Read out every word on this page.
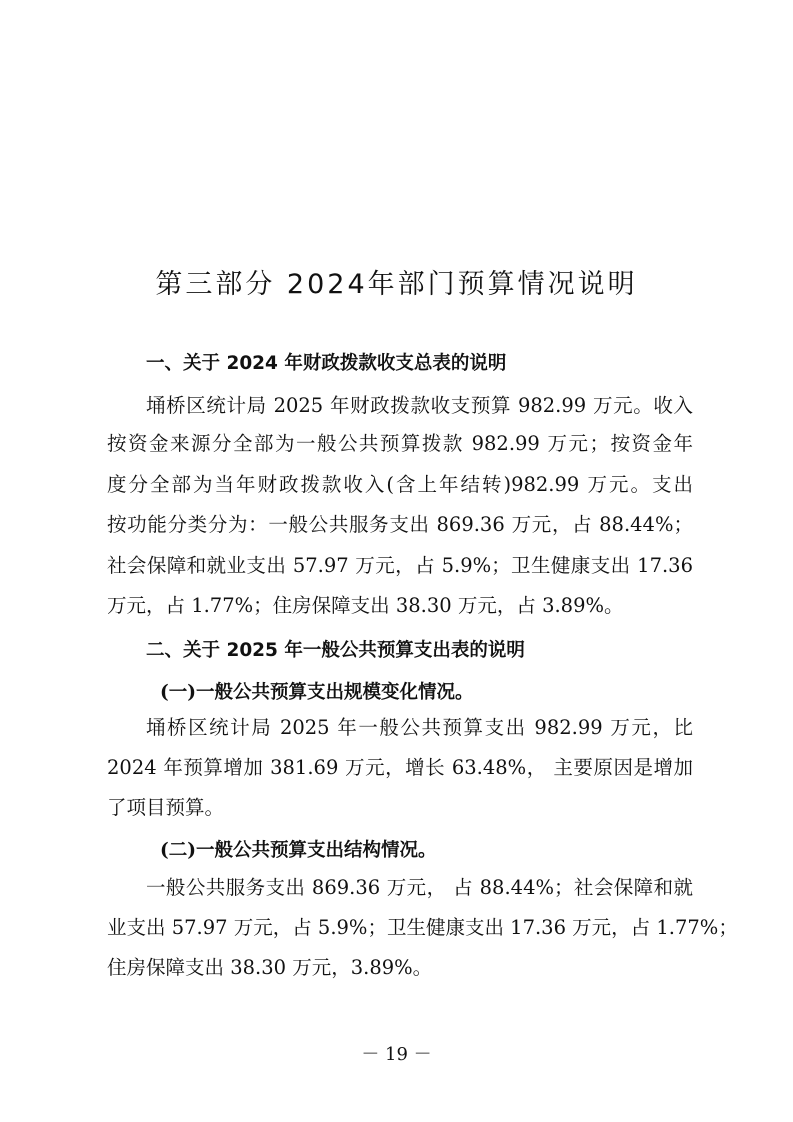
第三部分 2024年部门预算情况说明
一、关于 2024 年财政拨款收支总表的说明

埇桥区统计局 2025 年财政拨款收支预算 982.99 万元。收入

按资金来源分全部为一般公共预算拨款 982.99 万元；按资金年

度分全部为当年财政拨款收入(含上年结转)982.99 万元。支出

按功能分类分为：一般公共服务支出 869.36 万元，占 88.44%；

社会保障和就业支出 57.97 万元，占 5.9%；卫生健康支出 17.36

万元，占 1.77%；住房保障支出 38.30 万元，占 3.89%。

二、关于 2025 年一般公共预算支出表的说明
(一)一般公共预算支出规模变化情况。

埇桥区统计局 2025 年一般公共预算支出 982.99 万元，比

2024 年预算增加 381.69 万元，增长 63.48%， 主要原因是增加

了项目预算。

(二)一般公共预算支出结构情况。

一般公共服务支出 869.36 万元， 占 88.44%；社会保障和就

业支出 57.97 万元，占 5.9%；卫生健康支出 17.36 万元，占 1.77%；

住房保障支出 38.30 万元，3.89%。

－ 19 －
